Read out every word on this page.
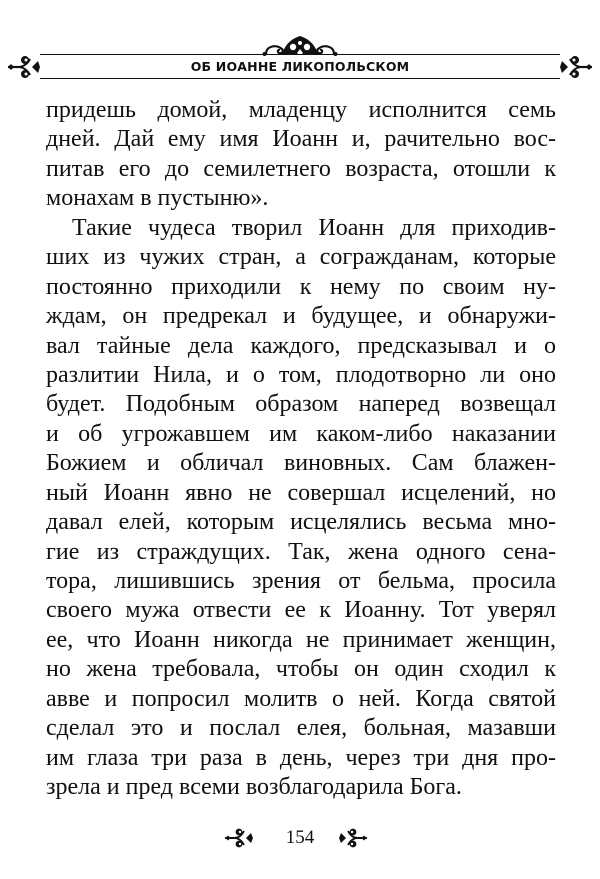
ОБ ИОАННЕ ЛИКОПОЛЬСКОМ
придешь домой, младенцу исполнится семь
дней. Дай ему имя Иоанн и, рачительно вос-
питав его до семилетнего возраста, отошли к
монахам в пустыню».
Такие чудеса творил Иоанн для приходив-
ших из чужих стран, а согражданам, которые
постоянно приходили к нему по своим ну-
ждам, он предрекал и будущее, и обнаружи-
вал тайные дела каждого, предсказывал и о
разлитии Нила, и о том, плодотворно ли оно
будет. Подобным образом наперед возвещал
и об угрожавшем им каком-либо наказании
Божием и обличал виновных. Сам блажен-
ный Иоанн явно не совершал исцелений, но
давал елей, которым исцелялись весьма мно-
гие из страждущих. Так, жена одного сена-
тора, лишившись зрения от бельма, просила
своего мужа отвести ее к Иоанну. Тот уверял
ее, что Иоанн никогда не принимает женщин,
но жена требовала, чтобы он один сходил к
авве и попросил молитв о ней. Когда святой
сделал это и послал елея, больная, мазавши
им глаза три раза в день, через три дня про-
зрела и пред всеми возблагодарила Бога.
154
